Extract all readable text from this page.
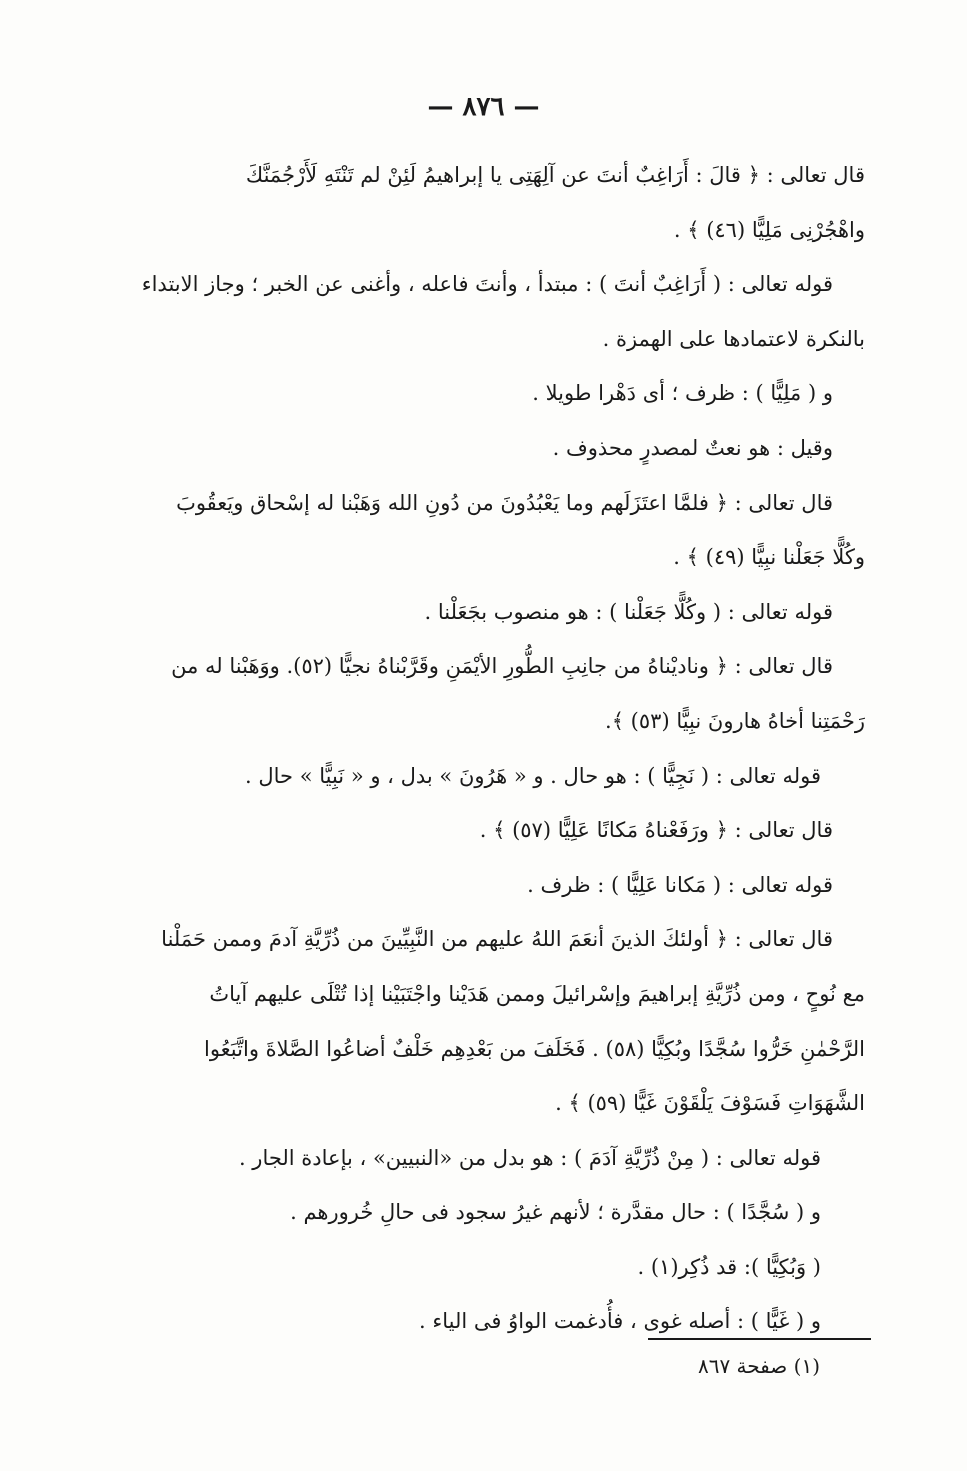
— ٨٧٦ —
قال تعالى : ﴿ قالَ : أَرَاغِبٌ أنتَ عن آلِهَتِى يا إبراهيمُ لَئِنْ لم تَنْتَهِ لَأَرْجُمَنَّكَ
واهْجُرْنِى مَلِيًّا (٤٦) ﴾ .
قوله تعالى : ( أَرَاغِبٌ أنتَ ) : مبتدأ ، وأنتَ فاعله ، وأغنى عن الخبر ؛ وجاز الابتداء
بالنكرة لاعتمادها على الهمزة .
و ( مَلِيًّا ) : ظرف ؛ أى دَهْرا طويلا .
وقيل : هو نعتٌ لمصدرٍ محذوف .
قال تعالى : ﴿ فلمَّا اعتَزَلَهم وما يَعْبُدُونَ من دُونِ الله وَهَبْنا له إسْحاق ويَعقُوبَ
وكُلًّا جَعَلْنا نبِيًّا (٤٩) ﴾ .
قوله تعالى : ( وكُلًّا جَعَلْنا ) : هو منصوب بجَعَلْنا .
قال تعالى : ﴿ وناديْناهُ من جانِبِ الطُّورِ الأيْمَنِ وقَرَّبْناهُ نجيًّا (٥٢). ووَهَبْنا له من
رَحْمَتِنا أخاهُ هارونَ نبِيًّا (٥٣) ﴾.
قوله تعالى : ( نَجِيًّا ) : هو حال . و « هَرُونَ » بدل ، و « نَبِيًّا » حال .
قال تعالى : ﴿ ورَفَعْناهُ مَكانًا عَلِيًّا (٥٧) ﴾ .
قوله تعالى : ( مَكانا عَلِيًّا ) : ظرف .
قال تعالى : ﴿ أولئكَ الذينَ أنعَمَ اللهُ عليهم من النَّبِيِّينَ من ذُرِّيَّةِ آدمَ وممن حَمَلْنا
مع نُوحٍ ، ومن ذُرِّيَّةِ إبراهيمَ وإسْرائيلَ وممن هَدَيْنا واجْتَبَيْنا إذا تُتْلَى عليهم آياتُ
الرَّحْمٰنِ خَرُّوا سُجَّدًا وبُكِيًّا (٥٨) . فَخَلَفَ من بَعْدِهِم خَلْفٌ أضاعُوا الصَّلاةَ واتَّبَعُوا
الشَّهَوَاتِ فَسَوْفَ يَلْقَوْنَ غَيًّا (٥٩) ﴾ .
قوله تعالى : ( مِنْ ذُرِّيَّةِ آدَمَ ) : هو بدل من «النبيين» ، بإعادة الجار .
و ( سُجَّدًا ) : حال مقدَّرة ؛ لأنهم غيرُ سجود فى حالِ خُرورهم .
( وَبُكِيًّا ): قد ذُكِر(١) .
و ( غَيًّا ) : أصله غوى ، فأُدغمت الواوُ فى الياء .
(١) صفحة ٨٦٧
